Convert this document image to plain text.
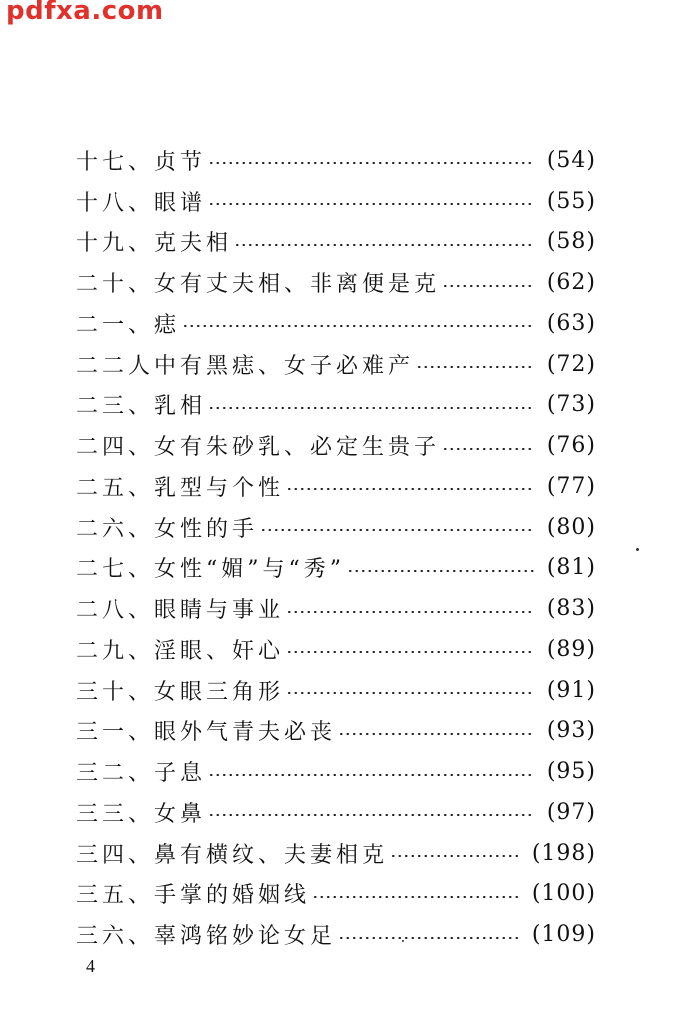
pdfxa.com
十七、贞节	(54)
十八、眼谱	(55)
十九、克夫相	(58)
二十、女有丈夫相、非离便是克	(62)
二一、痣	(63)
二二人中有黑痣、女子必难产	(72)
二三、乳相	(73)
二四、女有朱砂乳、必定生贵子	(76)
二五、乳型与个性	(77)
二六、女性的手	(80)
二七、女性“媚”与“秀”	(81)
二八、眼睛与事业	(83)
二九、淫眼、奸心	(89)
三十、女眼三角形	(91)
三一、眼外气青夫必丧	(93)
三二、子息	(95)
三三、女鼻	(97)
三四、鼻有横纹、夫妻相克	(198)
三五、手掌的婚姻线	(100)
三六、辜鸿铭妙论女足	(109)
4
